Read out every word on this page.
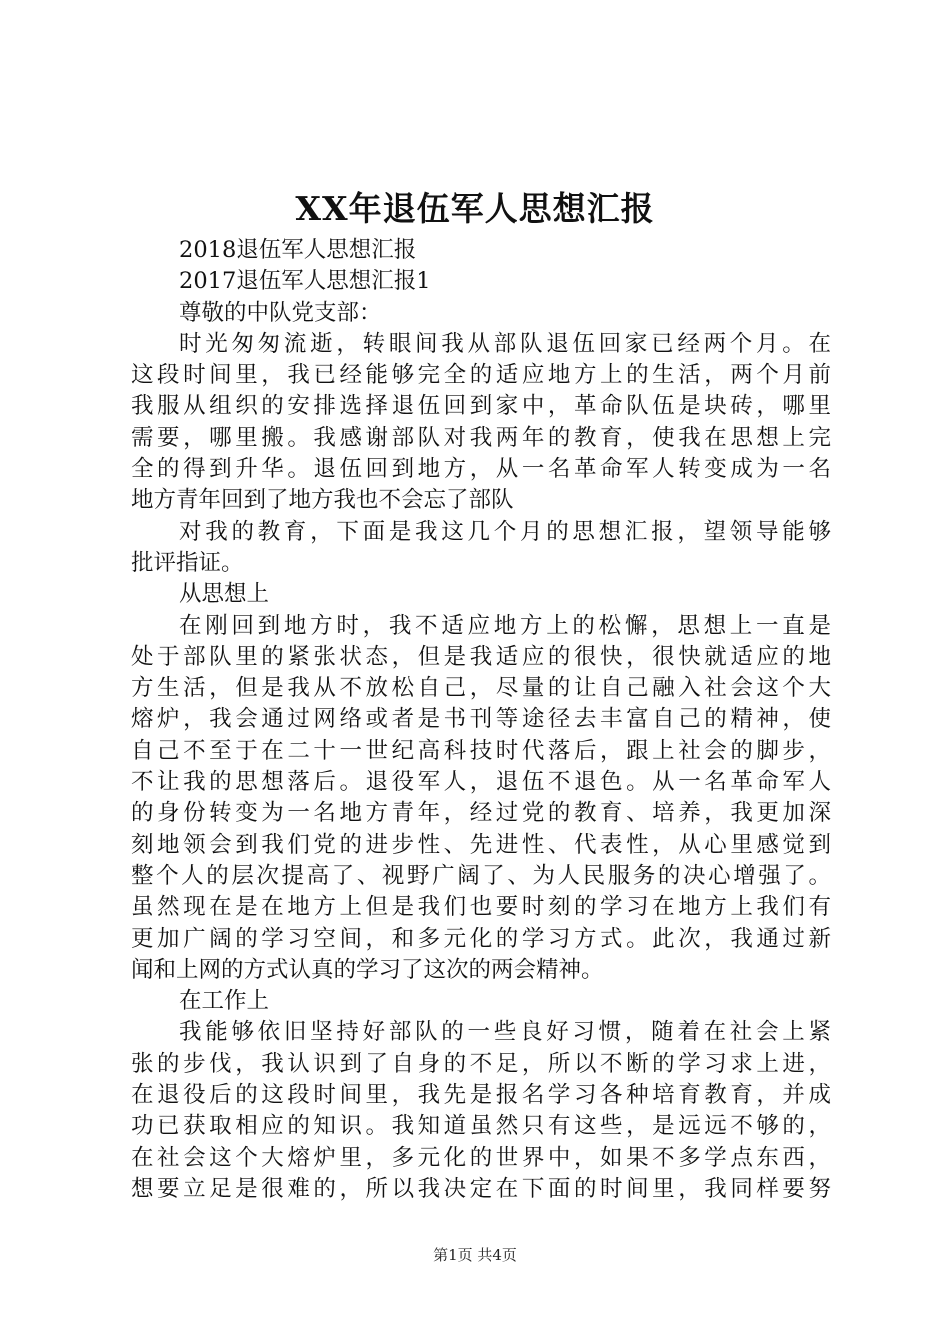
XX年退伍军人思想汇报
2018退伍军人思想汇报
2017退伍军人思想汇报1
尊敬的中队党支部：
时光匆匆流逝，转眼间我从部队退伍回家已经两个月。在
这段时间里，我已经能够完全的适应地方上的生活，两个月前
我服从组织的安排选择退伍回到家中，革命队伍是块砖，哪里
需要，哪里搬。我感谢部队对我两年的教育，使我在思想上完
全的得到升华。退伍回到地方，从一名革命军人转变成为一名
地方青年回到了地方我也不会忘了部队
对我的教育，下面是我这几个月的思想汇报，望领导能够
批评指证。
从思想上
在刚回到地方时，我不适应地方上的松懈，思想上一直是
处于部队里的紧张状态，但是我适应的很快，很快就适应的地
方生活，但是我从不放松自己，尽量的让自己融入社会这个大
熔炉，我会通过网络或者是书刊等途径去丰富自己的精神，使
自己不至于在二十一世纪高科技时代落后，跟上社会的脚步，
不让我的思想落后。退役军人，退伍不退色。从一名革命军人
的身份转变为一名地方青年，经过党的教育、培养，我更加深
刻地领会到我们党的进步性、先进性、代表性，从心里感觉到
整个人的层次提高了、视野广阔了、为人民服务的决心增强了。
虽然现在是在地方上但是我们也要时刻的学习在地方上我们有
更加广阔的学习空间，和多元化的学习方式。此次，我通过新
闻和上网的方式认真的学习了这次的两会精神。
在工作上
我能够依旧坚持好部队的一些良好习惯，随着在社会上紧
张的步伐，我认识到了自身的不足，所以不断的学习求上进，
在退役后的这段时间里，我先是报名学习各种培育教育，并成
功已获取相应的知识。我知道虽然只有这些，是远远不够的，
在社会这个大熔炉里，多元化的世界中，如果不多学点东西，
想要立足是很难的，所以我决定在下面的时间里，我同样要努
第1页 共4页
